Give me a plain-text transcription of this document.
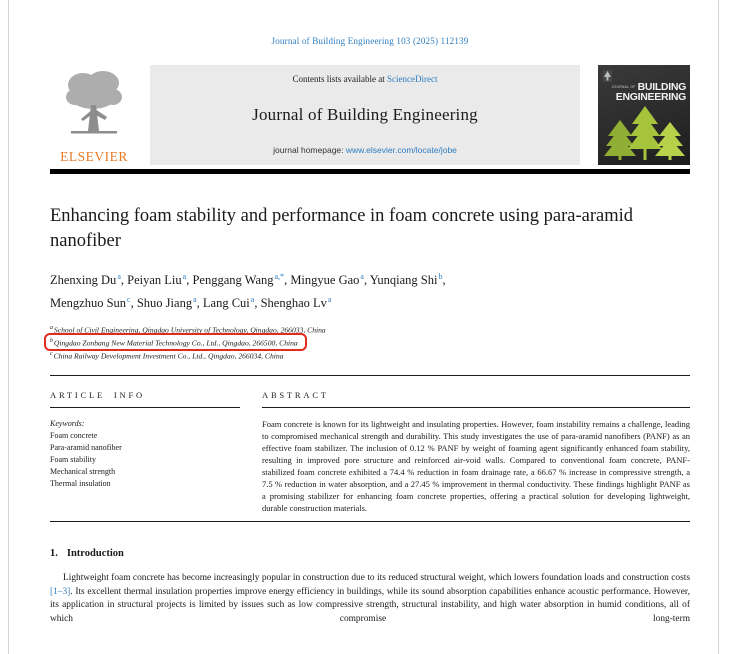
Journal of Building Engineering 103 (2025) 112139
ELSEVIER
Contents lists available at ScienceDirect
Journal of Building Engineering
journal homepage: www.elsevier.com/locate/jobe
JOURNAL OF BUILDING
ENGINEERING
Enhancing foam stability and performance in foam concrete using para-aramid nanofiber
Zhenxing Du$^a$, Peiyan Liu$^a$, Penggang Wang$^{a,*}$, Mingyue Gao$^a$, Yunqiang Shi$^b$,
Mengzhuo Sun$^c$, Shuo Jiang$^a$, Lang Cui$^a$, Shenghao Lv$^a$
$^a$School of Civil Engineering, Qingdao University of Technology, Qingdao, 266033, China
$^b$Qingdao Zonbang New Material Technology Co., Ltd., Qingdao, 266500, China
$^c$China Railway Development Investment Co., Ltd., Qingdao, 266034, China
ARTICLE INFO
Keywords:
Foam concrete
Para-aramid nanofiber
Foam stability
Mechanical strength
Thermal insulation
ABSTRACT
Foam concrete is known for its lightweight and insulating properties. However, foam instability remains a challenge, leading to compromised mechanical strength and durability. This study investigates the use of para-aramid nanofibers (PANF) as an effective foam stabilizer. The inclusion of 0.12 % PANF by weight of foaming agent significantly enhanced foam stability, resulting in improved pore structure and reinforced air-void walls. Compared to conventional foam concrete, PANF-stabilized foam concrete exhibited a 74.4 % reduction in foam drainage rate, a 66.67 % increase in compressive strength, a 7.5 % reduction in water absorption, and a 27.45 % improvement in thermal conductivity. These findings highlight PANF as a promising stabilizer for enhancing foam concrete properties, offering a practical solution for developing lightweight, durable construction materials.
1. Introduction

Lightweight foam concrete has become increasingly popular in construction due to its reduced structural weight, which lowers foundation loads and construction costs [1–3]. Its excellent thermal insulation properties improve energy efficiency in buildings, while its sound absorption capabilities enhance acoustic performance. However, its application in structural projects is limited by issues such as low compressive strength, structural instability, and high water absorption in humid conditions, all of which compromise long-term
